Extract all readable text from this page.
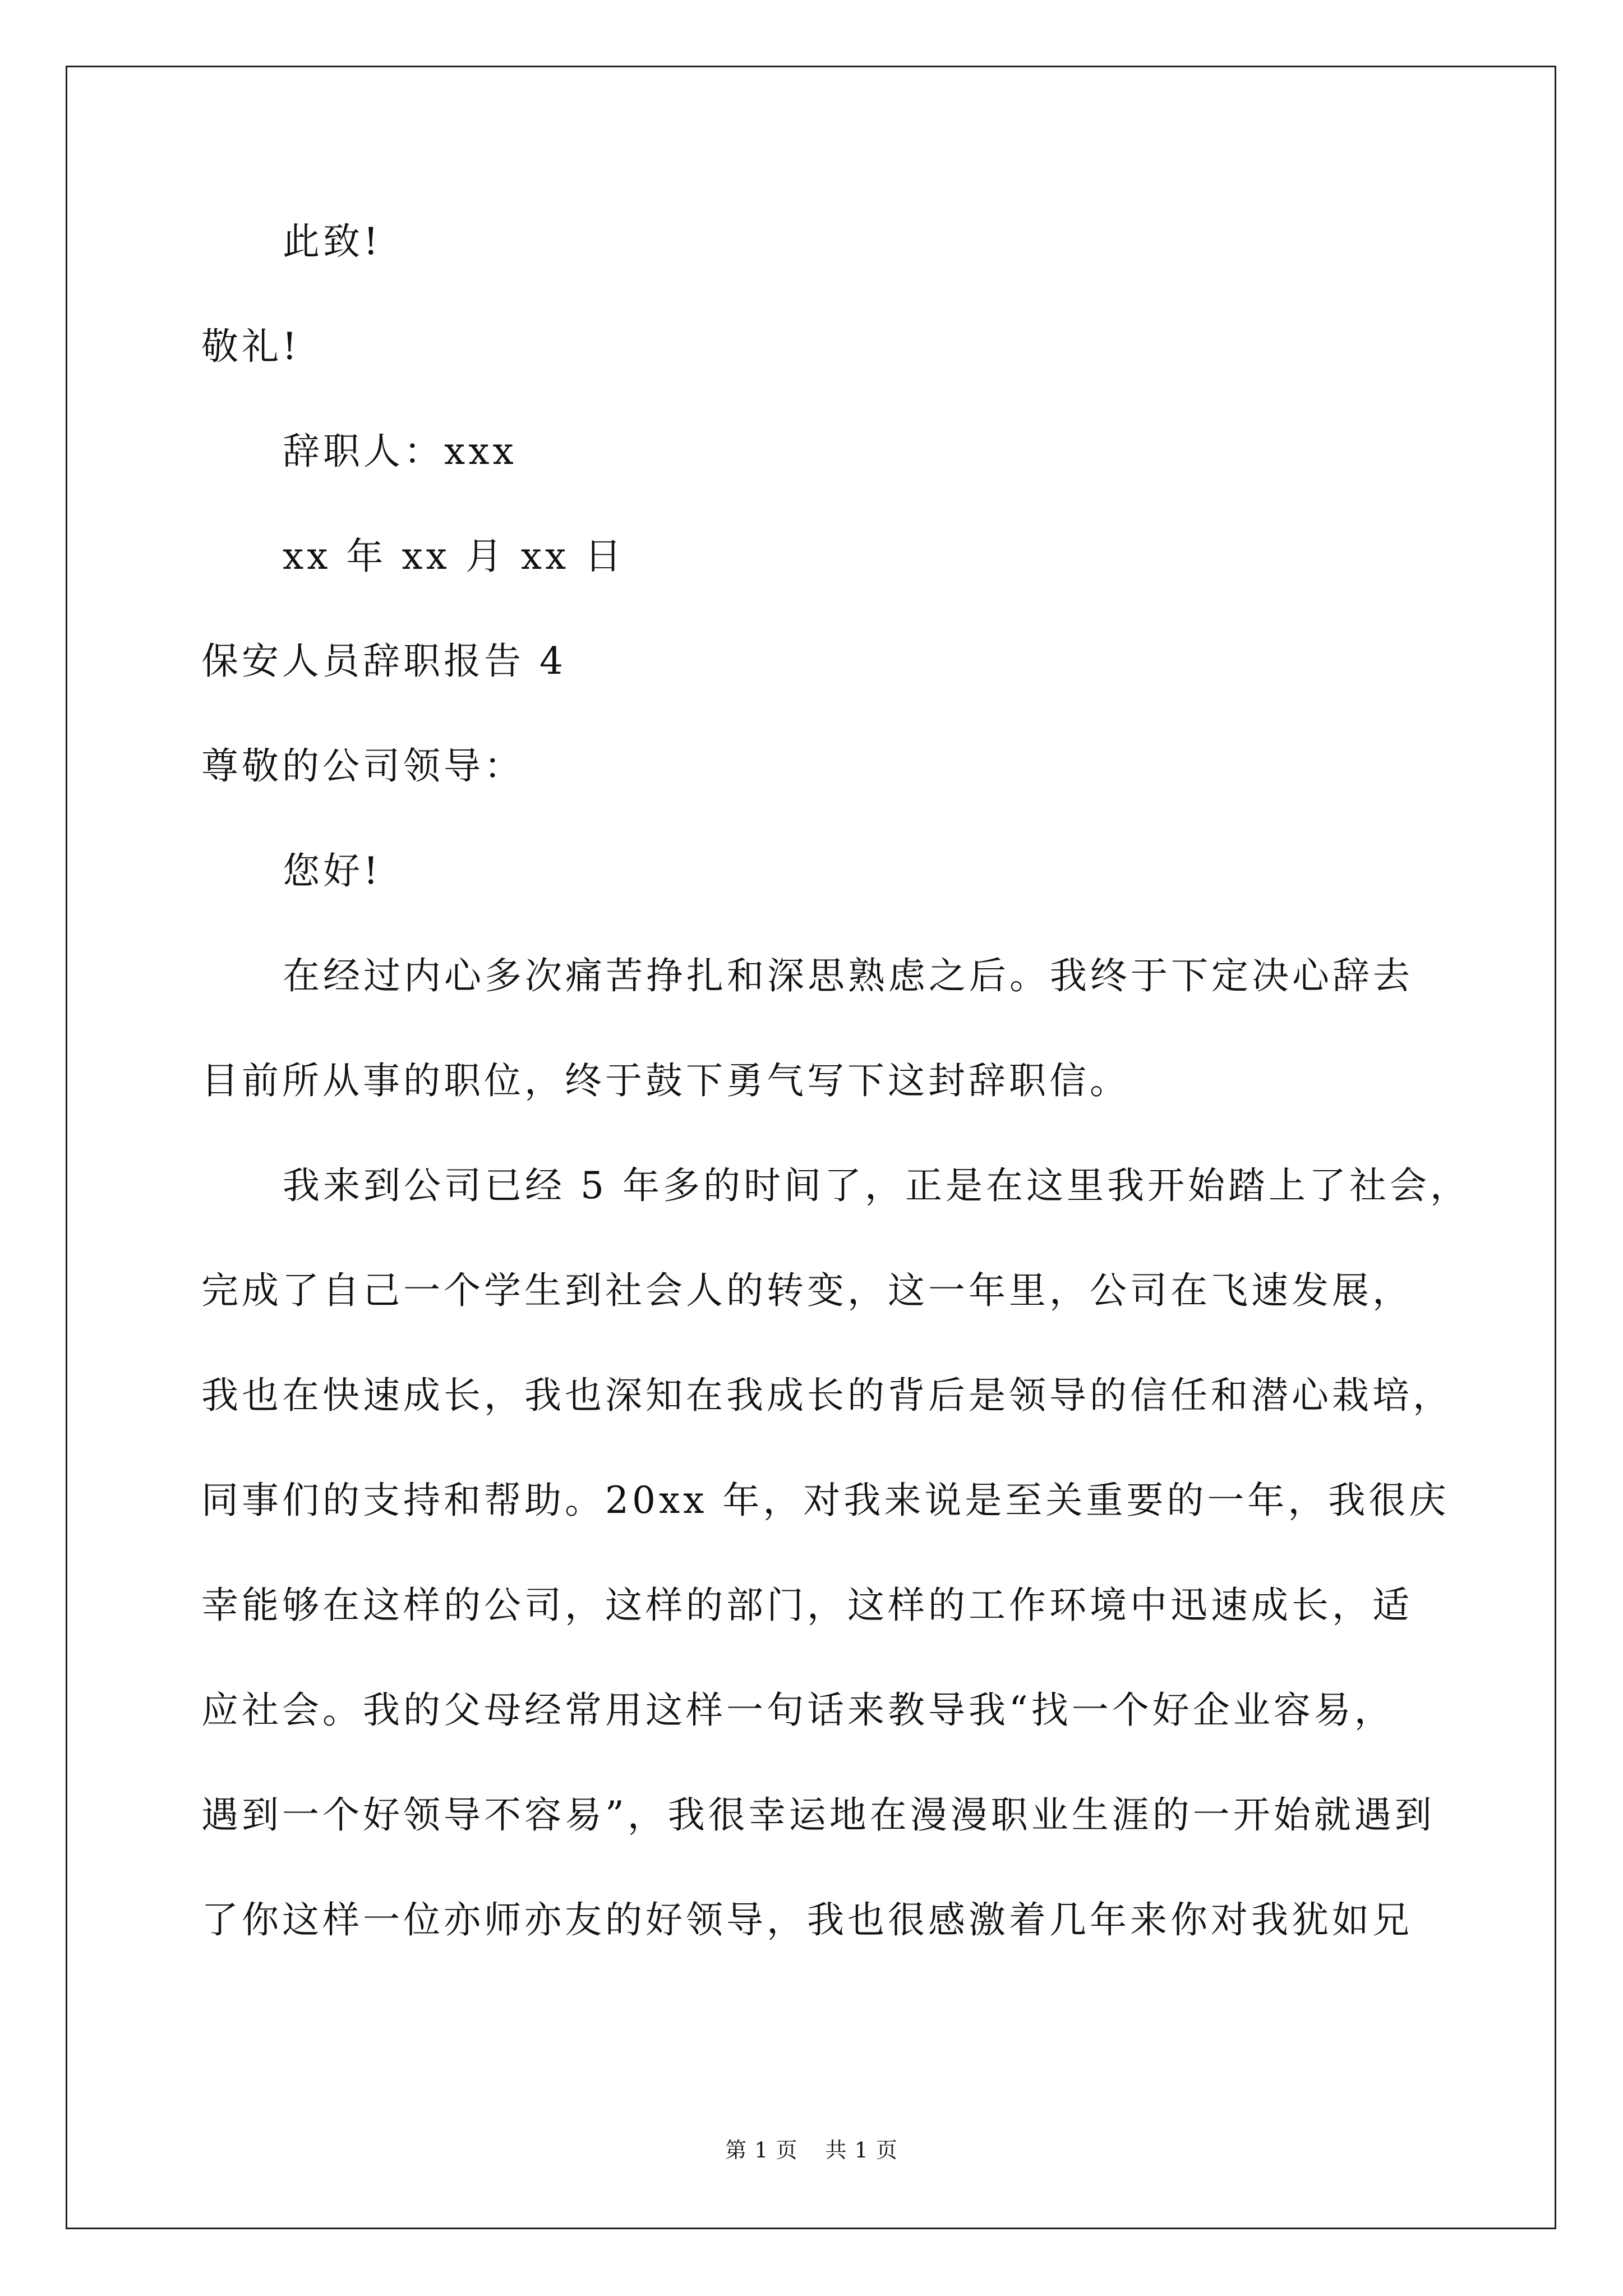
此致!
敬礼!
辞职人：xxx
xx 年 xx 月 xx 日
保安人员辞职报告 4
尊敬的公司领导：
您好!
在经过内心多次痛苦挣扎和深思熟虑之后。我终于下定决心辞去
目前所从事的职位，终于鼓下勇气写下这封辞职信。
我来到公司已经 5 年多的时间了，正是在这里我开始踏上了社会，
完成了自己一个学生到社会人的转变，这一年里，公司在飞速发展，
我也在快速成长，我也深知在我成长的背后是领导的信任和潜心栽培，
同事们的支持和帮助。20xx 年，对我来说是至关重要的一年，我很庆
幸能够在这样的公司，这样的部门，这样的工作环境中迅速成长，适
应社会。我的父母经常用这样一句话来教导我“找一个好企业容易，
遇到一个好领导不容易”，我很幸运地在漫漫职业生涯的一开始就遇到
了你这样一位亦师亦友的好领导，我也很感激着几年来你对我犹如兄
第 1 页 共 1 页
